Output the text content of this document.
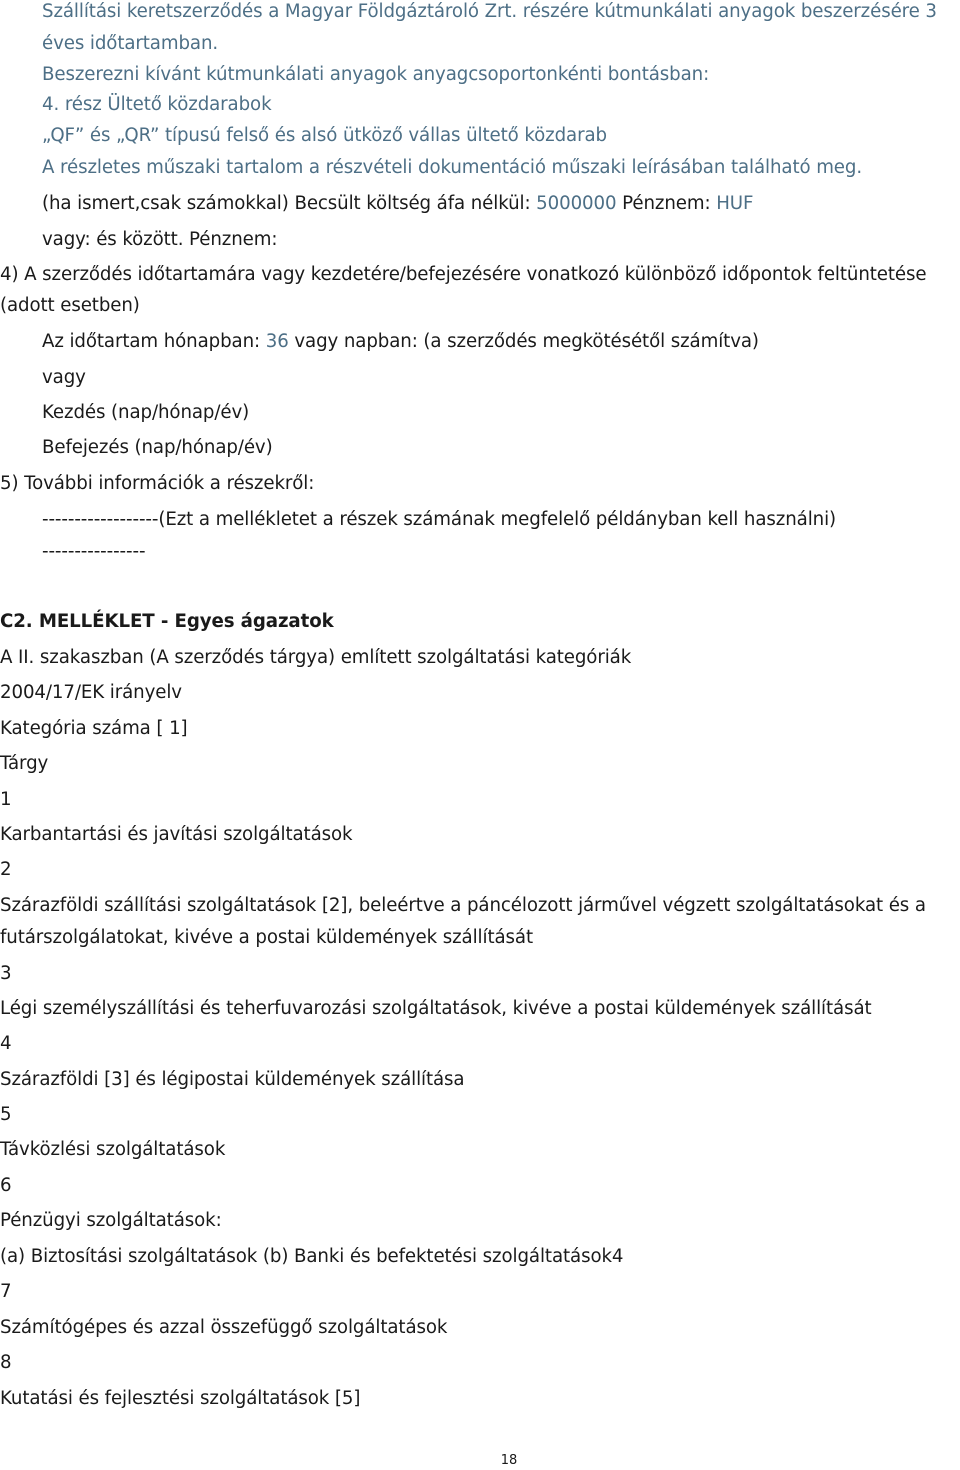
Szállítási keretszerződés a Magyar Földgáztároló Zrt. részére kútmunkálati anyagok beszerzésére 3

éves időtartamban.

Beszerezni kívánt kútmunkálati anyagok anyagcsoportonkénti bontásban:

4. rész Ültető közdarabok

„QF” és „QR” típusú felső és alsó ütköző vállas ültető közdarab

A részletes műszaki tartalom a részvételi dokumentáció műszaki leírásában található meg.

(ha ismert,csak számokkal) Becsült költség áfa nélkül: 5000000 Pénznem: HUF

vagy: és között. Pénznem:

4) A szerződés időtartamára vagy kezdetére/befejezésére vonatkozó különböző időpontok feltüntetése

(adott esetben)

Az időtartam hónapban: 36 vagy napban: (a szerződés megkötésétől számítva)

vagy

Kezdés (nap/hónap/év)

Befejezés (nap/hónap/év)

5) További információk a részekről:

------------------(Ezt a mellékletet a részek számának megfelelő példányban kell használni)

----------------

C2. MELLÉKLET - Egyes ágazatok

A II. szakaszban (A szerződés tárgya) említett szolgáltatási kategóriák

2004/17/EK irányelv

Kategória száma [ 1]

Tárgy

1

Karbantartási és javítási szolgáltatások

2

Szárazföldi szállítási szolgáltatások [2], beleértve a páncélozott járművel végzett szolgáltatásokat és a

futárszolgálatokat, kivéve a postai küldemények szállítását

3

Légi személyszállítási és teherfuvarozási szolgáltatások, kivéve a postai küldemények szállítását

4

Szárazföldi [3] és légipostai küldemények szállítása

5

Távközlési szolgáltatások

6

Pénzügyi szolgáltatások:

(a) Biztosítási szolgáltatások (b) Banki és befektetési szolgáltatások4

7

Számítógépes és azzal összefüggő szolgáltatások

8

Kutatási és fejlesztési szolgáltatások [5]

18
